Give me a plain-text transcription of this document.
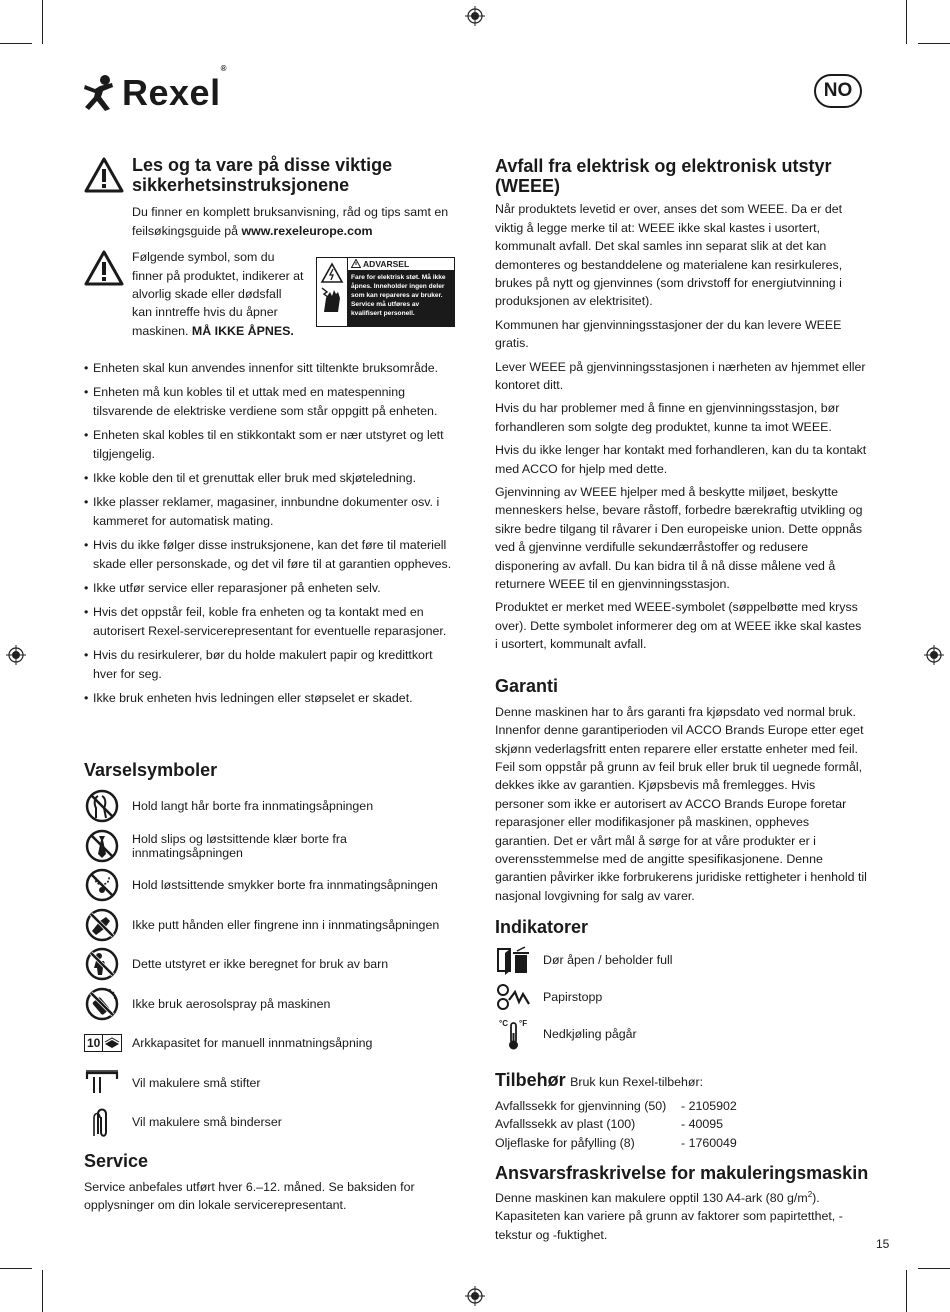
Rexel®
NO
Les og ta vare på disse viktige sikkerhetsinstruksjonene

Du finner en komplett bruksanvisning, råd og tips samt en feilsøkingsguide på www.rexeleurope.com

Følgende symbol, som du finner på produktet, indikerer at alvorlig skade eller dødsfall kan inntreffe hvis du åpner maskinen. MÅ IKKE ÅPNES.

ADVARSEL
Fare for elektrisk støt. Må ikke åpnes. Inneholder ingen deler som kan repareres av bruker. Service må utføres av kvalifisert personell.
• Enheten skal kun anvendes innenfor sitt tiltenkte bruksområde.
• Enheten må kun kobles til et uttak med en matespenning tilsvarende de elektriske verdiene som står oppgitt på enheten.
• Enheten skal kobles til en stikkontakt som er nær utstyret og lett tilgjengelig.
• Ikke koble den til et grenuttak eller bruk med skjøteledning.
• Ikke plasser reklamer, magasiner, innbundne dokumenter osv. i kammeret for automatisk mating.
• Hvis du ikke følger disse instruksjonene, kan det føre til materiell skade eller personskade, og det vil føre til at garantien oppheves.
• Ikke utfør service eller reparasjoner på enheten selv.
• Hvis det oppstår feil, koble fra enheten og ta kontakt med en autorisert Rexel-servicerepresentant for eventuelle reparasjoner.
• Hvis du resirkulerer, bør du holde makulert papir og kredittkort hver for seg.
• Ikke bruk enheten hvis ledningen eller støpselet er skadet.
Varselsymboler
Hold langt hår borte fra innmatingsåpningen
Hold slips og løstsittende klær borte fra innmatingsåpningen
Hold løstsittende smykker borte fra innmatingsåpningen
Ikke putt hånden eller fingrene inn i innmatingsåpningen
Dette utstyret er ikke beregnet for bruk av barn
Ikke bruk aerosolspray på maskinen
10	Arkkapasitet for manuell innmatningsåpning
Vil makulere små stifter
Vil makulere små binderser
Service

Service anbefales utført hver 6.–12. måned. Se baksiden for opplysninger om din lokale servicerepresentant.

Avfall fra elektrisk og elektronisk utstyr (WEEE)

Når produktets levetid er over, anses det som WEEE. Da er det viktig å legge merke til at: WEEE ikke skal kastes i usortert, kommunalt avfall. Det skal samles inn separat slik at det kan demonteres og bestanddelene og materialene kan resirkuleres, brukes på nytt og gjenvinnes (som drivstoff for energiutvinning i produksjonen av elektrisitet).

Kommunen har gjenvinningsstasjoner der du kan levere WEEE gratis.

Lever WEEE på gjenvinningsstasjonen i nærheten av hjemmet eller kontoret ditt.

Hvis du har problemer med å finne en gjenvinningsstasjon, bør forhandleren som solgte deg produktet, kunne ta imot WEEE.

Hvis du ikke lenger har kontakt med forhandleren, kan du ta kontakt med ACCO for hjelp med dette.

Gjenvinning av WEEE hjelper med å beskytte miljøet, beskytte menneskers helse, bevare råstoff, forbedre bærekraftig utvikling og sikre bedre tilgang til råvarer i Den europeiske union. Dette oppnås ved å gjenvinne verdifulle sekundærråstoffer og redusere disponering av avfall. Du kan bidra til å nå disse målene ved å returnere WEEE til en gjenvinningsstasjon.

Produktet er merket med WEEE-symbolet (søppelbøtte med kryss over). Dette symbolet informerer deg om at WEEE ikke skal kastes i usortert, kommunalt avfall.

Garanti

Denne maskinen har to års garanti fra kjøpsdato ved normal bruk. Innenfor denne garantiperioden vil ACCO Brands Europe etter eget skjønn vederlagsfritt enten reparere eller erstatte enheter med feil. Feil som oppstår på grunn av feil bruk eller bruk til uegnede formål, dekkes ikke av garantien. Kjøpsbevis må fremlegges. Hvis personer som ikke er autorisert av ACCO Brands Europe foretar reparasjoner eller modifikasjoner på maskinen, oppheves garantien. Det er vårt mål å sørge for at våre produkter er i overensstemmelse med de angitte spesifikasjonene. Denne garantien påvirker ikke forbrukerens juridiske rettigheter i henhold til nasjonal lovgivning for salg av varer.

Indikatorer
Dør åpen / beholder full
Papirstopp
°C °F
Nedkjøling pågår
Tilbehør Bruk kun Rexel-tilbehør:
Avfallssekk for gjenvinning (50)	- 2105902
Avfallssekk av plast (100)	- 40095
Oljeflaske for påfylling (8)	- 1760049
Ansvarsfraskrivelse for makuleringsmaskin

Denne maskinen kan makulere opptil 130 A4-ark (80 $g/m^2$). Kapasiteten kan variere på grunn av faktorer som papirtetthet, -tekstur og -fuktighet.

15
